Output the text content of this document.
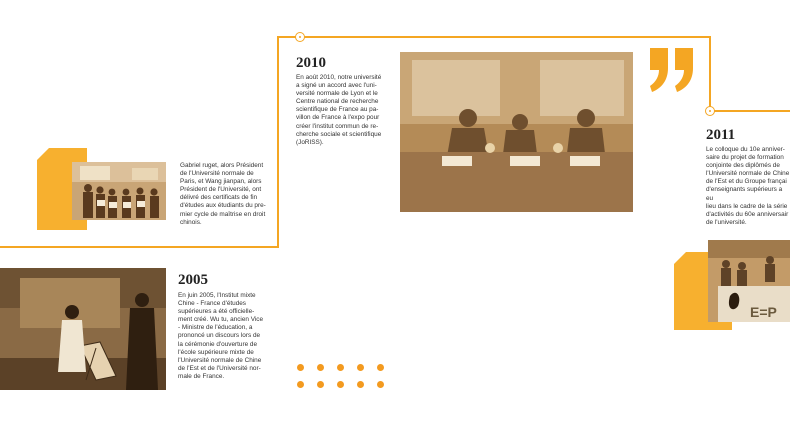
E=P
Gabriel ruget, alors Président
de l'Université normale de
Paris, et Wang jianpan, alors
Président de l'Université, ont
délivré des certificats de fin
d'études aux étudiants du pre-
mier cycle de maîtrise en droit
chinois.
2005
En juin 2005, l'Institut mixte
Chine - France d'études
supérieures a été officielle-
ment créé. Wu tu, ancien Vice
- Ministre de l'éducation, a
prononcé un discours lors de
la cérémonie d'ouverture de
l'école supérieure mixte de
l'Université normale de Chine
de l'Est et de l'Université nor-
male de France.
2010
En août 2010, notre université
a signé un accord avec l'uni-
versité normale de Lyon et le
Centre national de recherche
scientifique de France au pa-
villon de France à l'expo pour
créer l'institut commun de re-
cherche sociale et scientifique
(JoRISS).	2011
Le colloque du 10e anniver-
saire du projet de formation
conjointe des diplômés de
l'Université normale de Chine
de l'Est et du Groupe françai
d'enseignants supérieurs a eu
lieu dans le cadre de la série
d'activités du 60e anniversair
de l'université.
